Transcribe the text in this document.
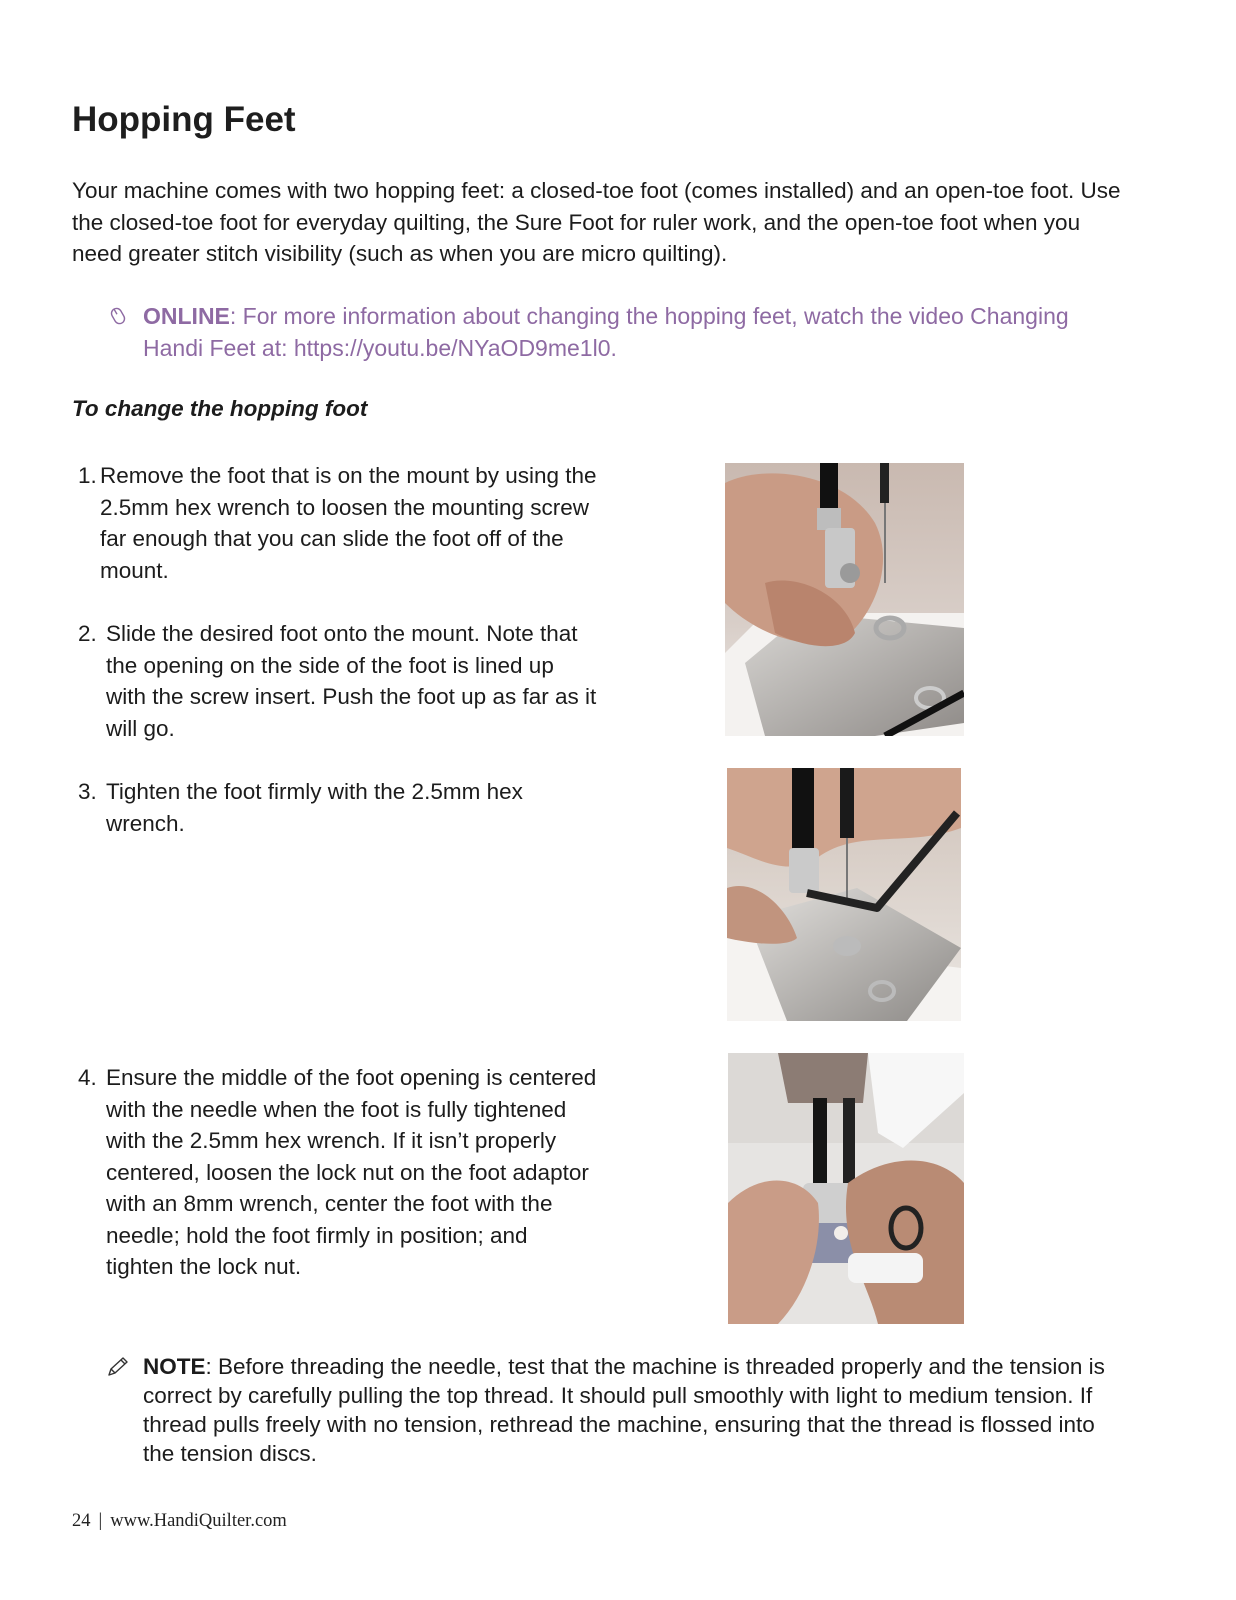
Hopping Feet

Your machine comes with two hopping feet: a closed-toe foot (comes installed) and an open-toe foot. Use the closed-toe foot for everyday quilting, the Sure Foot for ruler work, and the open-toe foot when you need greater stitch visibility (such as when you are micro quilting).

ONLINE: For more information about changing the hopping feet, watch the video Changing Handi Feet at: https://youtu.be/NYaOD9me1l0.
To change the hopping foot
1. Remove the foot that is on the mount by using the 2.5mm hex wrench to loosen the mounting screw far enough that you can slide the foot off of the mount.
2. Slide the desired foot onto the mount. Note that the opening on the side of the foot is lined up with the screw insert. Push the foot up as far as it will go.
3. Tighten the foot firmly with the 2.5mm hex wrench.
4. Ensure the middle of the foot opening is centered with the needle when the foot is fully tightened with the 2.5mm hex wrench. If it isn’t properly centered, loosen the lock nut on the foot adaptor with an 8mm wrench, center the foot with the needle; hold the foot firmly in position; and tighten the lock nut.
NOTE: Before threading the needle, test that the machine is threaded properly and the tension is correct by carefully pulling the top thread. It should pull smoothly with light to medium tension. If thread pulls freely with no tension, rethread the machine, ensuring that the thread is flossed into the tension discs.
24 | www.HandiQuilter.com
